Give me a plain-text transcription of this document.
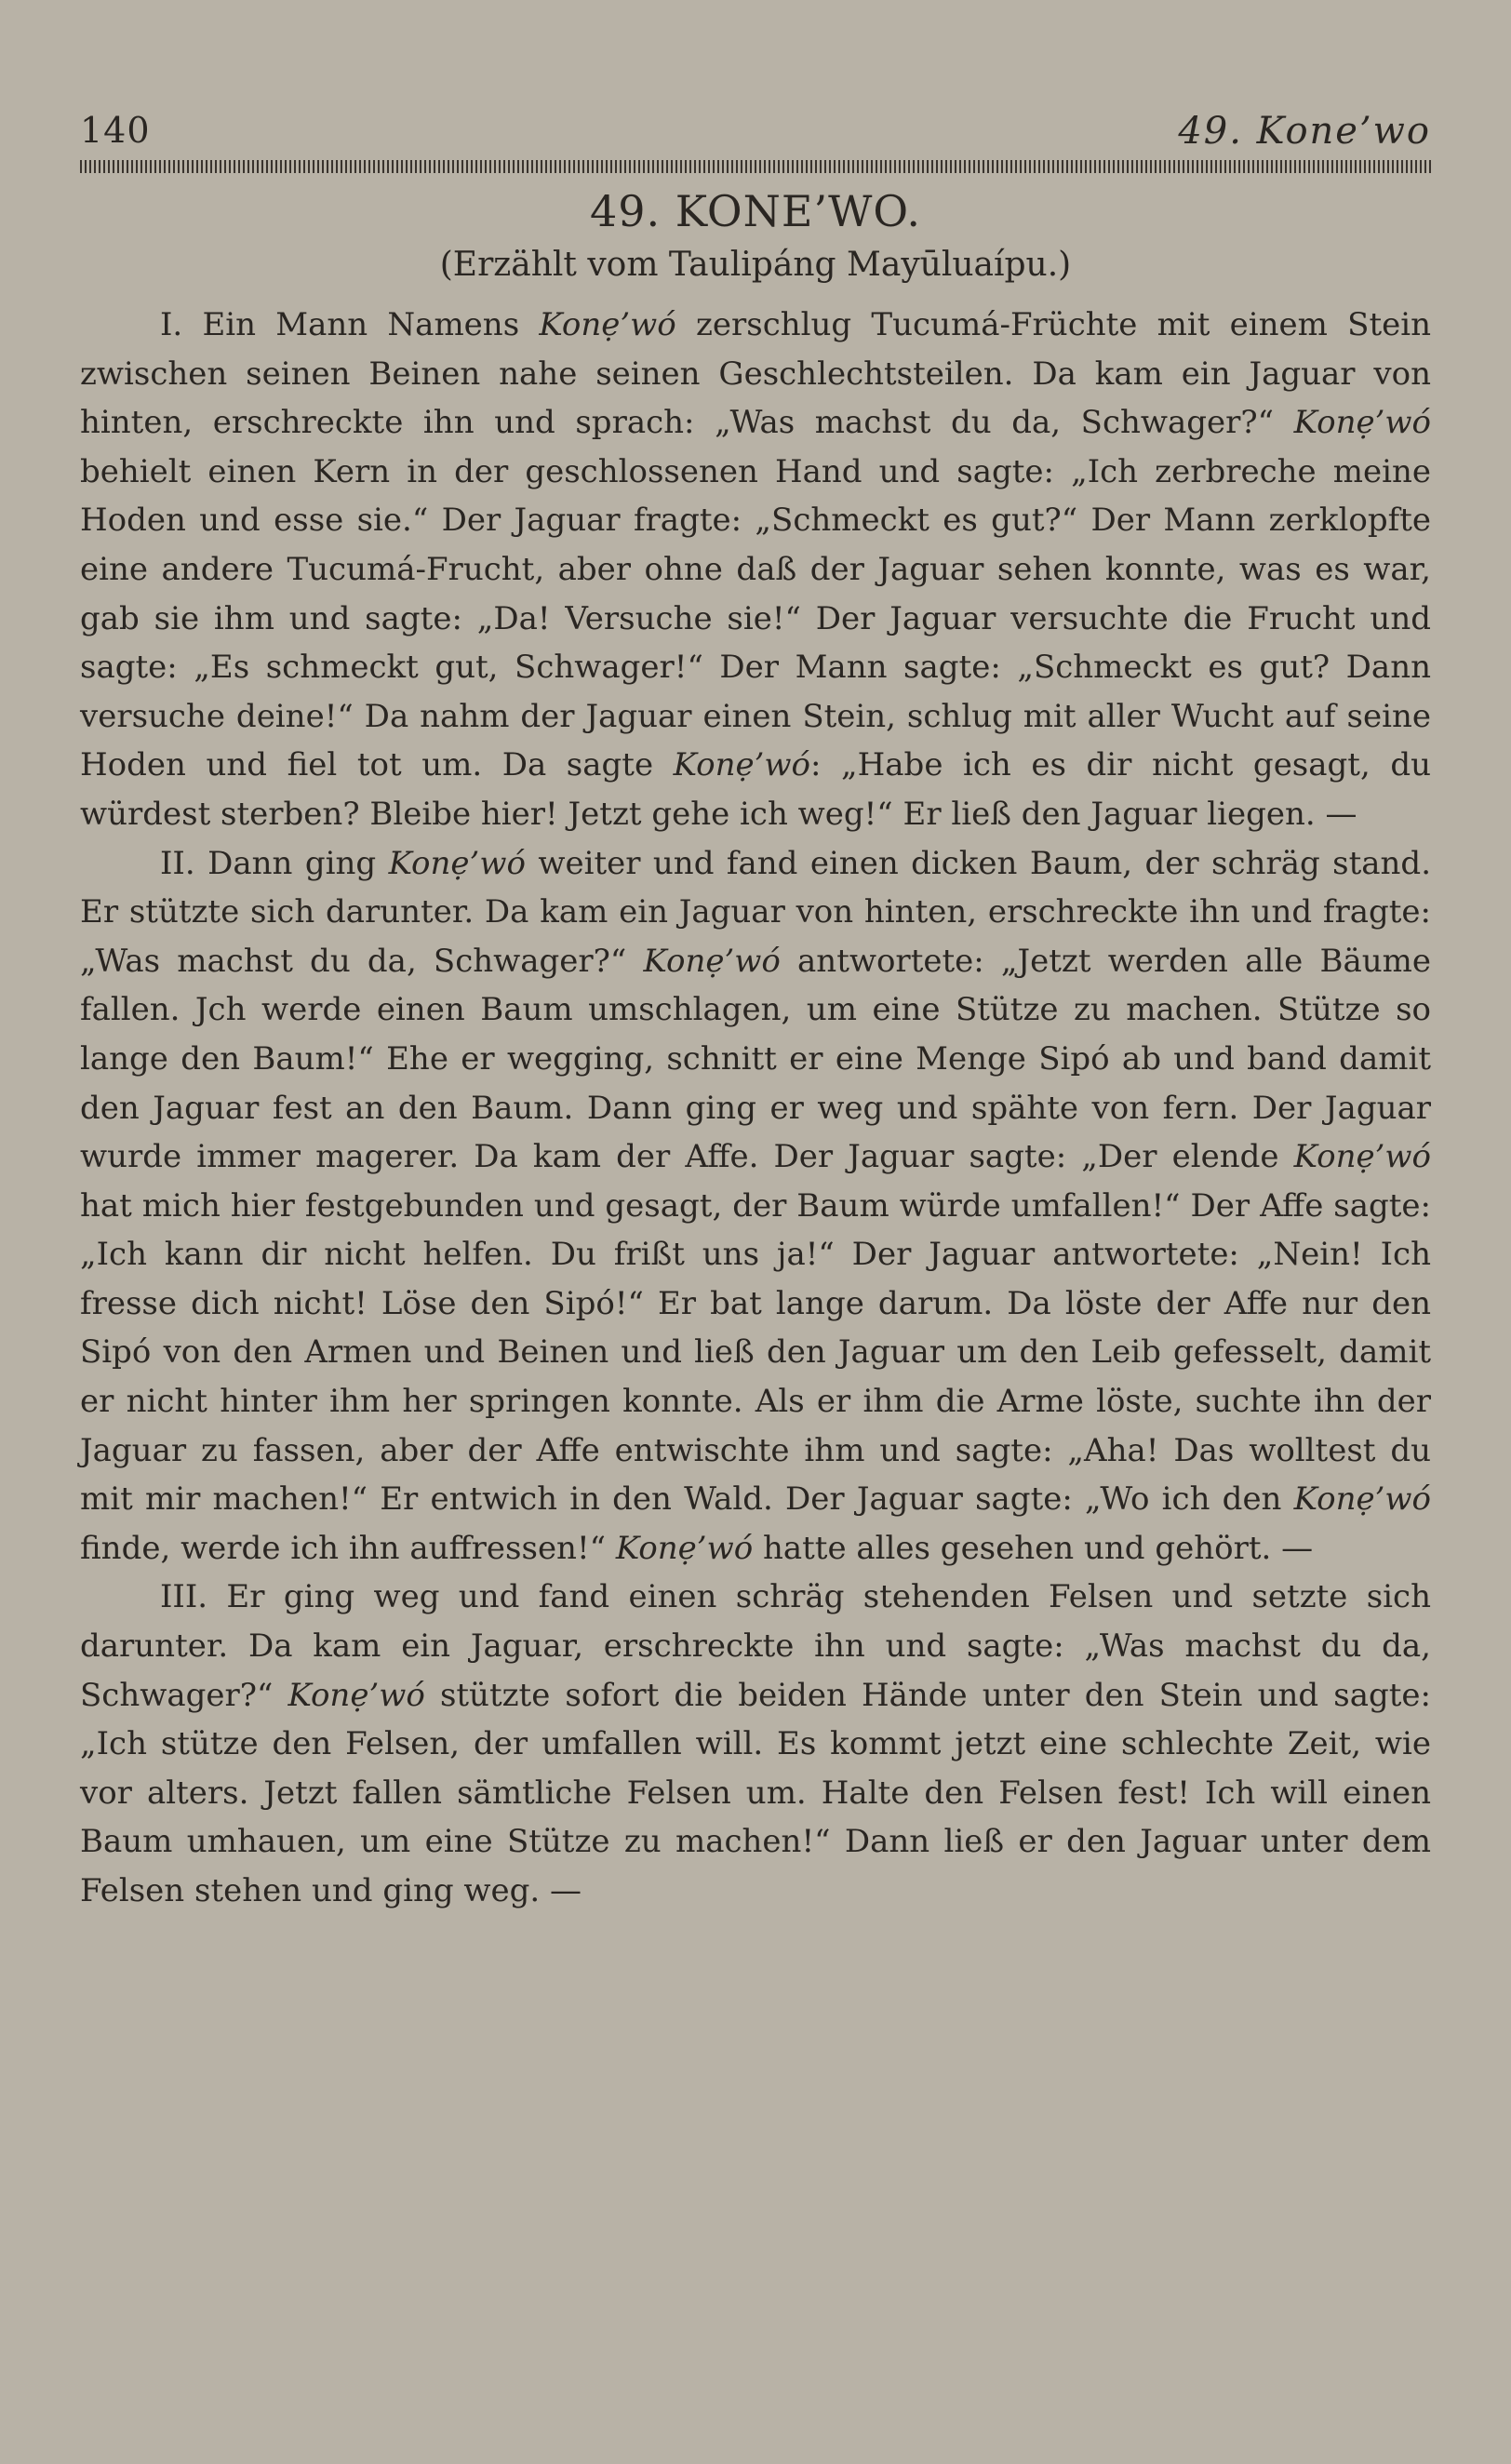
140	49. Kone’wo
49. KONE’WO.
(Erzählt vom Taulipáng Mayūluaípu.)

I. Ein Mann Namens Konẹ’wó zerschlug Tucumá-Früchte mit einem Stein zwischen seinen Beinen nahe seinen Geschlechtsteilen. Da kam ein Jaguar von hinten, erschreckte ihn und sprach: „Was machst du da, Schwager?“ Konẹ’wó behielt einen Kern in der geschlossenen Hand und sagte: „Ich zerbreche meine Hoden und esse sie.“ Der Jaguar fragte: „Schmeckt es gut?“ Der Mann zerklopfte eine andere Tucumá-Frucht, aber ohne daß der Jaguar sehen konnte, was es war, gab sie ihm und sagte: „Da! Versuche sie!“ Der Jaguar versuchte die Frucht und sagte: „Es schmeckt gut, Schwager!“ Der Mann sagte: „Schmeckt es gut? Dann versuche deine!“ Da nahm der Jaguar einen Stein, schlug mit aller Wucht auf seine Hoden und fiel tot um. Da sagte Konẹ’wó: „Habe ich es dir nicht gesagt, du würdest sterben? Bleibe hier! Jetzt gehe ich weg!“ Er ließ den Jaguar liegen. —

II. Dann ging Konẹ’wó weiter und fand einen dicken Baum, der schräg stand. Er stützte sich darunter. Da kam ein Jaguar von hinten, erschreckte ihn und fragte: „Was machst du da, Schwager?“ Konẹ’wó antwortete: „Jetzt werden alle Bäume fallen. Jch werde einen Baum umschlagen, um eine Stütze zu machen. Stütze so lange den Baum!“ Ehe er wegging, schnitt er eine Menge Sipó ab und band damit den Jaguar fest an den Baum. Dann ging er weg und spähte von fern. Der Jaguar wurde immer magerer. Da kam der Affe. Der Jaguar sagte: „Der elende Konẹ’wó hat mich hier festgebunden und gesagt, der Baum würde umfallen!“ Der Affe sagte: „Ich kann dir nicht helfen. Du frißt uns ja!“ Der Jaguar antwortete: „Nein! Ich fresse dich nicht! Löse den Sipó!“ Er bat lange darum. Da löste der Affe nur den Sipó von den Armen und Beinen und ließ den Jaguar um den Leib gefesselt, damit er nicht hinter ihm her springen konnte. Als er ihm die Arme löste, suchte ihn der Jaguar zu fassen, aber der Affe entwischte ihm und sagte: „Aha! Das wolltest du mit mir machen!“ Er entwich in den Wald. Der Jaguar sagte: „Wo ich den Konẹ’wó finde, werde ich ihn auffressen!“ Konẹ’wó hatte alles gesehen und gehört. —

III. Er ging weg und fand einen schräg stehenden Felsen und setzte sich darunter. Da kam ein Jaguar, erschreckte ihn und sagte: „Was machst du da, Schwager?“ Konẹ’wó stützte sofort die beiden Hände unter den Stein und sagte: „Ich stütze den Felsen, der umfallen will. Es kommt jetzt eine schlechte Zeit, wie vor alters. Jetzt fallen sämtliche Felsen um. Halte den Felsen fest! Ich will einen Baum umhauen, um eine Stütze zu machen!“ Dann ließ er den Jaguar unter dem Felsen stehen und ging weg. —
